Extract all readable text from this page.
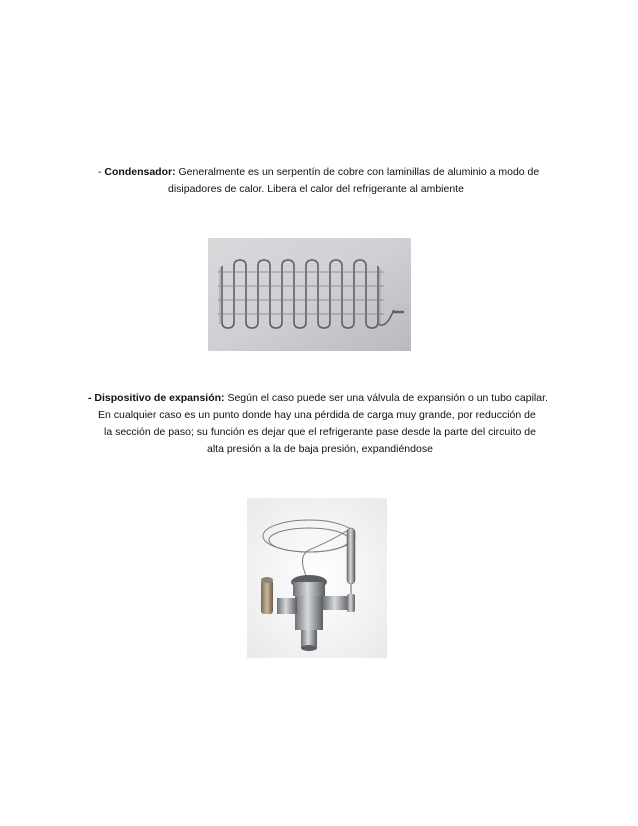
- Condensador: Generalmente es un serpentín de cobre con laminillas de aluminio a modo de
disipadores de calor. Libera el calor del refrigerante al ambiente
- Dispositivo de expansión: Según el caso puede ser una válvula de expansión o un tubo capilar.
En cualquier caso es un punto donde hay una pérdida de carga muy grande, por reducción de
la sección de paso; su función es dejar que el refrigerante pase desde la parte del circuito de
alta presión a la de baja presión, expandiéndose
